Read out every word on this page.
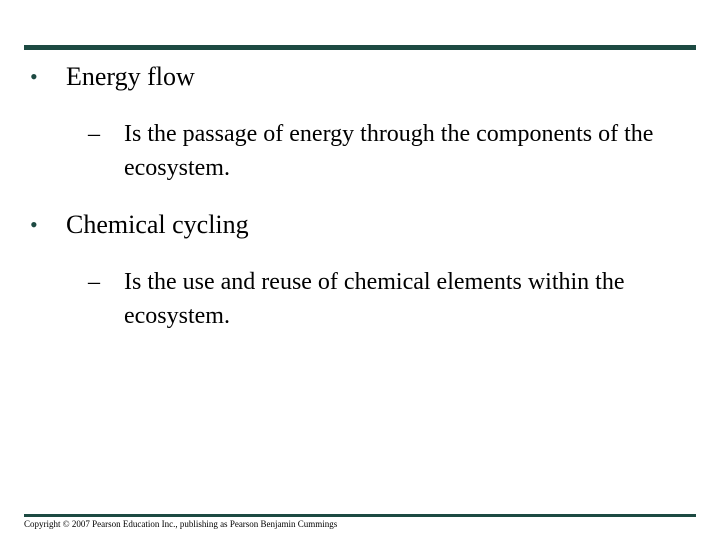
• Energy flow
– Is the passage of energy through the components of the ecosystem.
• Chemical cycling
– Is the use and reuse of chemical elements within the ecosystem.
Copyright © 2007 Pearson Education Inc., publishing as Pearson Benjamin Cummings
